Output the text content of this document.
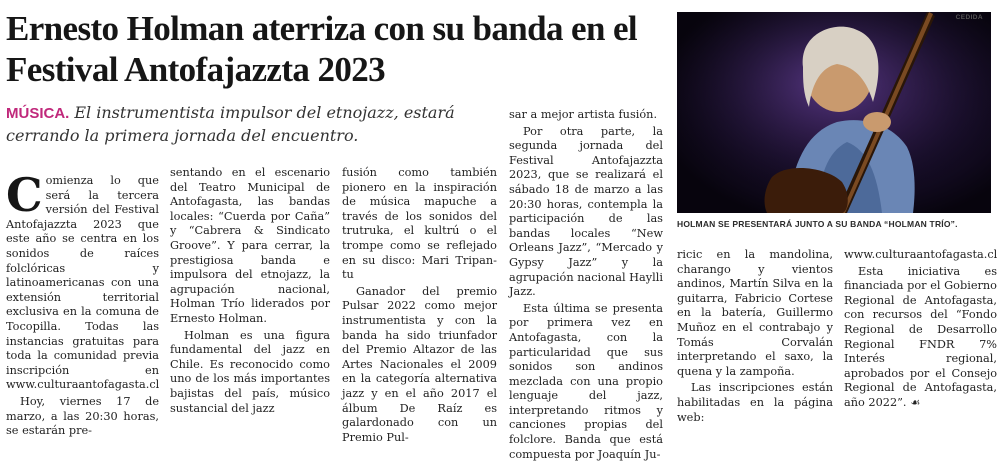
Ernesto Holman aterriza con su banda en el Festival Antofajazzta 2023

MÚSICA. El instrumentista impulsor del etnojazz, estará cerrando la primera jornada del encuentro.

Comienza lo que será la tercera versión del Festival Antofajazzta 2023 que este año se centra en los sonidos de raíces folclóricas y latinoamericanas con una extensión territorial exclusiva en la comuna de Tocopilla. Todas las instancias gratuitas para toda la comunidad previa inscripción en www.culturaantofagasta.cl

Hoy, viernes 17 de marzo, a las 20:30 horas, se estarán pre-

sentando en el escenario del Teatro Municipal de Antofagasta, las bandas locales: “Cuerda por Caña” y “Cabrera & Sindicato Groove”. Y para cerrar, la prestigiosa banda e impulsora del etnojazz, la agrupación nacional, Holman Trío liderados por Ernesto Holman.

Holman es una figura fundamental del jazz en Chile. Es reconocido como uno de los más importantes bajistas del país, músico sustancial del jazz

fusión como también pionero en la inspiración de música mapuche a través de los sonidos del trutruka, el kultrú o el trompe como se reflejado en su disco: Mari Tripan- tu

Ganador del premio Pulsar 2022 como mejor instrumentista y con la banda ha sido triunfador del Premio Altazor de las Artes Nacionales el 2009 en la categoría alternativa jazz y en el año 2017 el álbum De Raíz es galardonado con un Premio Pul-

sar a mejor artista fusión.

Por otra parte, la segunda jornada del Festival Antofajazzta 2023, que se realizará el sábado 18 de marzo a las 20:30 horas, contempla la participación de las bandas locales “New Orleans Jazz”, “Mercado y Gypsy Jazz” y la agrupación nacional Haylli Jazz.

Esta última se presenta por primera vez en Antofagasta, con la particularidad que sus sonidos son andinos mezclada con una propio lenguaje del jazz, interpretando ritmos y canciones propias del folclore. Banda que está compuesta por Joaquín Ju-

CEDIDA

HOLMAN SE PRESENTARÁ JUNTO A SU BANDA “HOLMAN TRÍO”.

ricic en la mandolina, charango y vientos andinos, Martín Silva en la guitarra, Fabricio Cortese en la batería, Guillermo Muñoz en el contrabajo y Tomás Corvalán interpretando el saxo, la quena y la zampoña.

Las inscripciones están habilitadas en la página web:

www.culturaantofagasta.cl

Esta iniciativa es financiada por el Gobierno Regional de Antofagasta, con recursos del “Fondo Regional de Desarrollo Regional FNDR 7% Interés regional, aprobados por el Consejo Regional de Antofagasta, año 2022”. ☙
